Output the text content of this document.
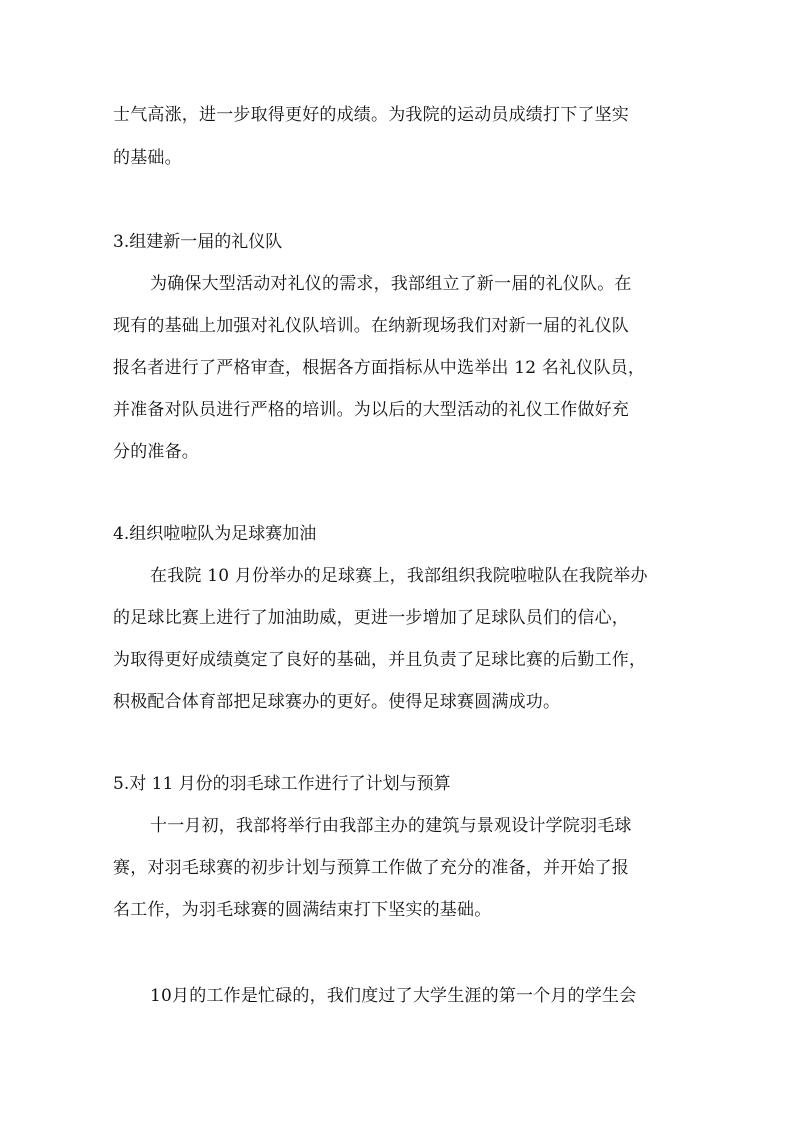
士气高涨，进一步取得更好的成绩。为我院的运动员成绩打下了坚实
的基础。
3.组建新一届的礼仪队
为确保大型活动对礼仪的需求，我部组立了新一届的礼仪队。在
现有的基础上加强对礼仪队培训。在纳新现场我们对新一届的礼仪队
报名者进行了严格审查，根据各方面指标从中选举出 12 名礼仪队员，
并准备对队员进行严格的培训。为以后的大型活动的礼仪工作做好充
分的准备。
4.组织啦啦队为足球赛加油
在我院 10 月份举办的足球赛上，我部组织我院啦啦队在我院举办
的足球比赛上进行了加油助威，更进一步增加了足球队员们的信心，
为取得更好成绩奠定了良好的基础，并且负责了足球比赛的后勤工作，
积极配合体育部把足球赛办的更好。使得足球赛圆满成功。
5.对 11 月份的羽毛球工作进行了计划与预算
十一月初，我部将举行由我部主办的建筑与景观设计学院羽毛球
赛，对羽毛球赛的初步计划与预算工作做了充分的准备，并开始了报
名工作，为羽毛球赛的圆满结束打下坚实的基础。
10月的工作是忙碌的，我们度过了大学生涯的第一个月的学生会
